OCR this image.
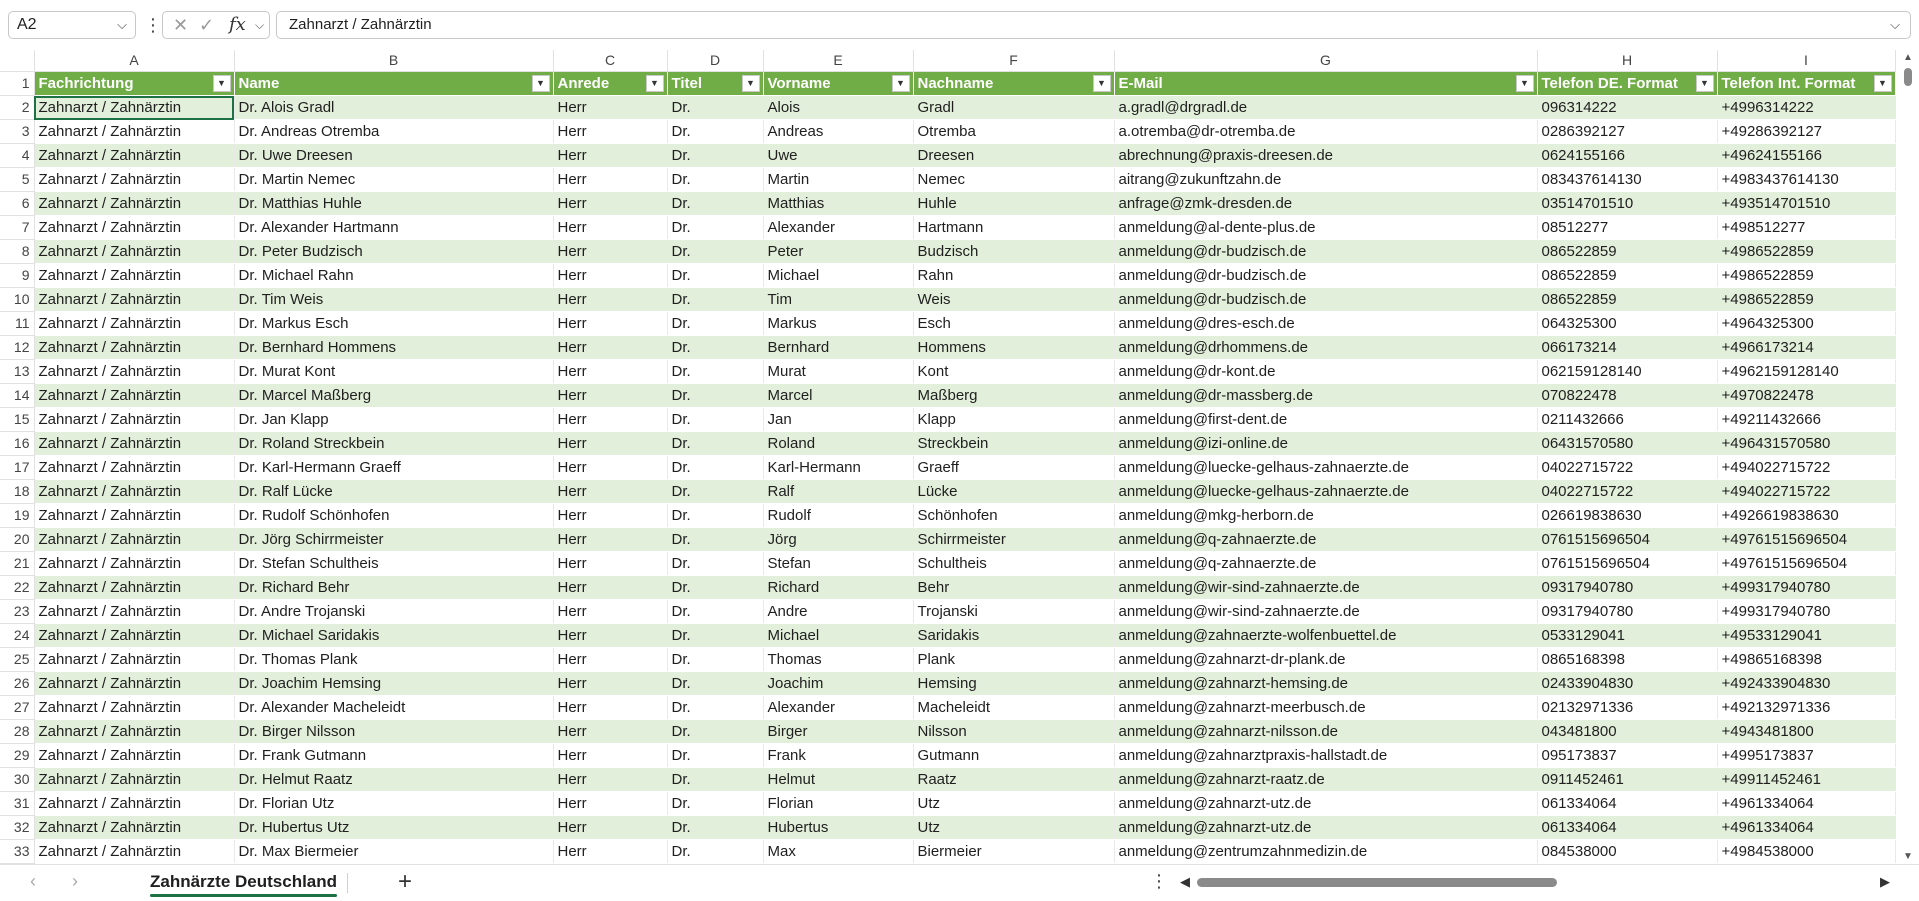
A2	⌵ ⋮ ✕ ✓ fx ⌵	Zahnarzt / Zahnärztin	⌵
	A	B	C	D	E	F	G	H	I
1	Fachrichtung ▼	Name ▼	Anrede ▼	Titel ▼	Vorname ▼	Nachname ▼	E-Mail ▼	Telefon DE. Format ▼	Telefon Int. Format ▼

2	Zahnarzt / Zahnärztin	Dr. Alois Gradl	Herr	Dr.	Alois	Gradl	a.gradl@drgradl.de	096314222	+4996314222
3	Zahnarzt / Zahnärztin	Dr. Andreas Otremba	Herr	Dr.	Andreas	Otremba	a.otremba@dr-otremba.de	0286392127	+49286392127
4	Zahnarzt / Zahnärztin	Dr. Uwe Dreesen	Herr	Dr.	Uwe	Dreesen	abrechnung@praxis-dreesen.de	0624155166	+49624155166
5	Zahnarzt / Zahnärztin	Dr. Martin Nemec	Herr	Dr.	Martin	Nemec	aitrang@zukunftzahn.de	083437614130	+4983437614130
6	Zahnarzt / Zahnärztin	Dr. Matthias Huhle	Herr	Dr.	Matthias	Huhle	anfrage@zmk-dresden.de	03514701510	+493514701510
7	Zahnarzt / Zahnärztin	Dr. Alexander Hartmann	Herr	Dr.	Alexander	Hartmann	anmeldung@al-dente-plus.de	08512277	+498512277
8	Zahnarzt / Zahnärztin	Dr. Peter Budzisch	Herr	Dr.	Peter	Budzisch	anmeldung@dr-budzisch.de	086522859	+4986522859
9	Zahnarzt / Zahnärztin	Dr. Michael Rahn	Herr	Dr.	Michael	Rahn	anmeldung@dr-budzisch.de	086522859	+4986522859
10	Zahnarzt / Zahnärztin	Dr. Tim Weis	Herr	Dr.	Tim	Weis	anmeldung@dr-budzisch.de	086522859	+4986522859
11	Zahnarzt / Zahnärztin	Dr. Markus Esch	Herr	Dr.	Markus	Esch	anmeldung@dres-esch.de	064325300	+4964325300
12	Zahnarzt / Zahnärztin	Dr. Bernhard Hommens	Herr	Dr.	Bernhard	Hommens	anmeldung@drhommens.de	066173214	+4966173214
13	Zahnarzt / Zahnärztin	Dr. Murat Kont	Herr	Dr.	Murat	Kont	anmeldung@dr-kont.de	062159128140	+4962159128140
14	Zahnarzt / Zahnärztin	Dr. Marcel Maßberg	Herr	Dr.	Marcel	Maßberg	anmeldung@dr-massberg.de	070822478	+4970822478
15	Zahnarzt / Zahnärztin	Dr. Jan Klapp	Herr	Dr.	Jan	Klapp	anmeldung@first-dent.de	0211432666	+49211432666
16	Zahnarzt / Zahnärztin	Dr. Roland Streckbein	Herr	Dr.	Roland	Streckbein	anmeldung@izi-online.de	06431570580	+496431570580
17	Zahnarzt / Zahnärztin	Dr. Karl-Hermann Graeff	Herr	Dr.	Karl-Hermann	Graeff	anmeldung@luecke-gelhaus-zahnaerzte.de	04022715722	+494022715722
18	Zahnarzt / Zahnärztin	Dr. Ralf Lücke	Herr	Dr.	Ralf	Lücke	anmeldung@luecke-gelhaus-zahnaerzte.de	04022715722	+494022715722
19	Zahnarzt / Zahnärztin	Dr. Rudolf Schönhofen	Herr	Dr.	Rudolf	Schönhofen	anmeldung@mkg-herborn.de	026619838630	+4926619838630
20	Zahnarzt / Zahnärztin	Dr. Jörg Schirrmeister	Herr	Dr.	Jörg	Schirrmeister	anmeldung@q-zahnaerzte.de	0761515696504	+49761515696504
21	Zahnarzt / Zahnärztin	Dr. Stefan Schultheis	Herr	Dr.	Stefan	Schultheis	anmeldung@q-zahnaerzte.de	0761515696504	+49761515696504
22	Zahnarzt / Zahnärztin	Dr. Richard Behr	Herr	Dr.	Richard	Behr	anmeldung@wir-sind-zahnaerzte.de	09317940780	+499317940780
23	Zahnarzt / Zahnärztin	Dr. Andre Trojanski	Herr	Dr.	Andre	Trojanski	anmeldung@wir-sind-zahnaerzte.de	09317940780	+499317940780
24	Zahnarzt / Zahnärztin	Dr. Michael Saridakis	Herr	Dr.	Michael	Saridakis	anmeldung@zahnaerzte-wolfenbuettel.de	0533129041	+49533129041
25	Zahnarzt / Zahnärztin	Dr. Thomas Plank	Herr	Dr.	Thomas	Plank	anmeldung@zahnarzt-dr-plank.de	0865168398	+49865168398
26	Zahnarzt / Zahnärztin	Dr. Joachim Hemsing	Herr	Dr.	Joachim	Hemsing	anmeldung@zahnarzt-hemsing.de	02433904830	+492433904830
27	Zahnarzt / Zahnärztin	Dr. Alexander Macheleidt	Herr	Dr.	Alexander	Macheleidt	anmeldung@zahnarzt-meerbusch.de	02132971336	+492132971336
28	Zahnarzt / Zahnärztin	Dr. Birger Nilsson	Herr	Dr.	Birger	Nilsson	anmeldung@zahnarzt-nilsson.de	043481800	+4943481800
29	Zahnarzt / Zahnärztin	Dr. Frank Gutmann	Herr	Dr.	Frank	Gutmann	anmeldung@zahnarztpraxis-hallstadt.de	095173837	+4995173837
30	Zahnarzt / Zahnärztin	Dr. Helmut Raatz	Herr	Dr.	Helmut	Raatz	anmeldung@zahnarzt-raatz.de	0911452461	+49911452461
31	Zahnarzt / Zahnärztin	Dr. Florian Utz	Herr	Dr.	Florian	Utz	anmeldung@zahnarzt-utz.de	061334064	+4961334064
32	Zahnarzt / Zahnärztin	Dr. Hubertus Utz	Herr	Dr.	Hubertus	Utz	anmeldung@zahnarzt-utz.de	061334064	+4961334064
33	Zahnarzt / Zahnärztin	Dr. Max Biermeier	Herr	Dr.	Max	Biermeier	anmeldung@zentrumzahnmedizin.de	084538000	+4984538000
▲
▼
‹ ›	Zahnärzte Deutschland	+	⋮ ◀	▶
